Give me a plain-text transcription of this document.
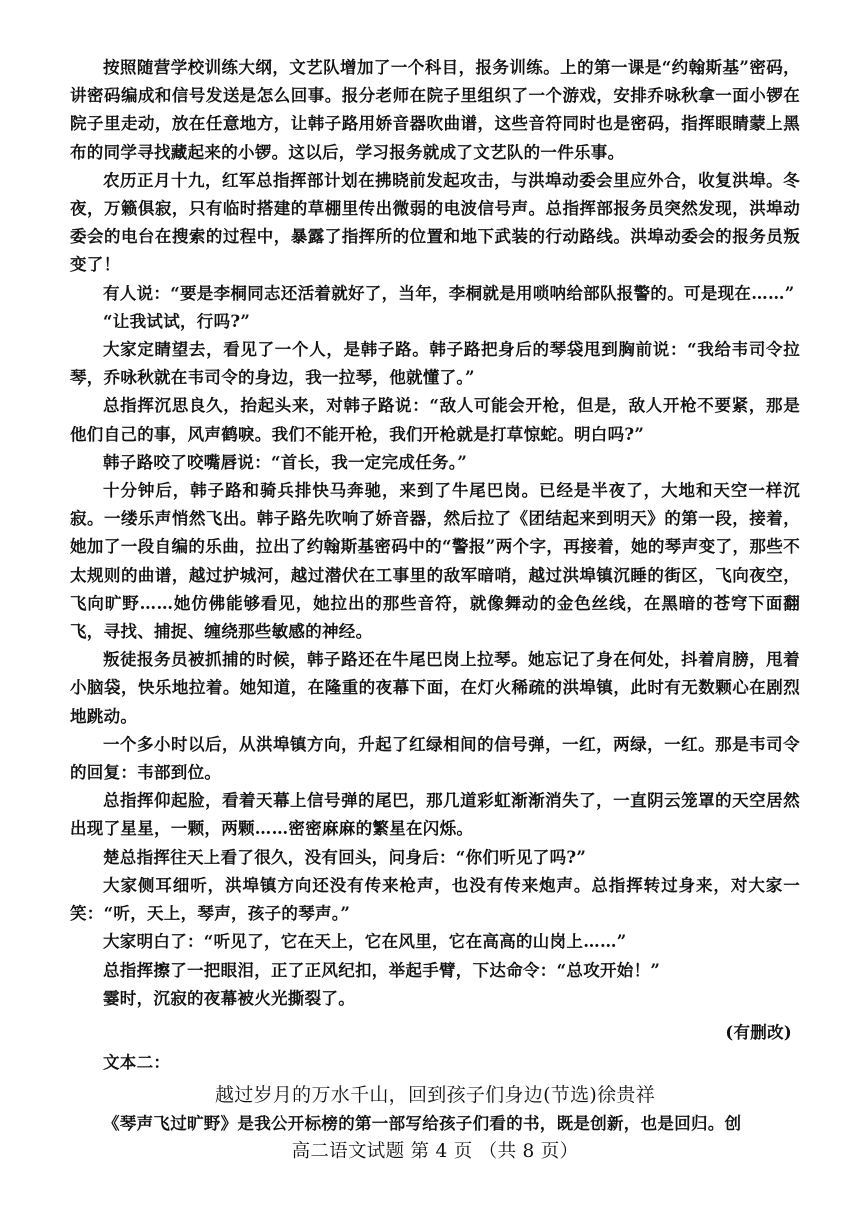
按照随营学校训练大纲，文艺队增加了一个科目，报务训练。上的第一课是“约翰斯基”密码，讲密码编成和信号发送是怎么回事。报分老师在院子里组织了一个游戏，安排乔咏秋拿一面小锣在院子里走动，放在任意地方，让韩子路用娇音器吹曲谱，这些音符同时也是密码，指挥眼睛蒙上黑布的同学寻找藏起来的小锣。这以后，学习报务就成了文艺队的一件乐事。

农历正月十九，红军总指挥部计划在拂晓前发起攻击，与洪埠动委会里应外合，收复洪埠。冬夜，万籁俱寂，只有临时搭建的草棚里传出微弱的电波信号声。总指挥部报务员突然发现，洪埠动委会的电台在搜索的过程中，暴露了指挥所的位置和地下武装的行动路线。洪埠动委会的报务员叛变了！

有人说：“要是李桐同志还活着就好了，当年，李桐就是用唢呐给部队报警的。可是现在……”

“让我试试，行吗?”

大家定睛望去，看见了一个人，是韩子路。韩子路把身后的琴袋甩到胸前说：“我给韦司令拉琴，乔咏秋就在韦司令的身边，我一拉琴，他就懂了。”

总指挥沉思良久，抬起头来，对韩子路说：“敌人可能会开枪，但是，敌人开枪不要紧，那是他们自己的事，风声鹤唳。我们不能开枪，我们开枪就是打草惊蛇。明白吗?”

韩子路咬了咬嘴唇说：“首长，我一定完成任务。”

十分钟后，韩子路和骑兵排快马奔驰，来到了牛尾巴岗。已经是半夜了，大地和天空一样沉寂。一缕乐声悄然飞出。韩子路先吹响了娇音器，然后拉了《团结起来到明天》的第一段，接着，她加了一段自编的乐曲，拉出了约翰斯基密码中的“警报”两个字，再接着，她的琴声变了，那些不太规则的曲谱，越过护城河，越过潜伏在工事里的敌军暗哨，越过洪埠镇沉睡的街区，飞向夜空，飞向旷野……她仿佛能够看见，她拉出的那些音符，就像舞动的金色丝线，在黑暗的苍穹下面翻飞，寻找、捕捉、缠绕那些敏感的神经。

叛徒报务员被抓捕的时候，韩子路还在牛尾巴岗上拉琴。她忘记了身在何处，抖着肩膀，甩着小脑袋，快乐地拉着。她知道，在隆重的夜幕下面，在灯火稀疏的洪埠镇，此时有无数颗心在剧烈地跳动。

一个多小时以后，从洪埠镇方向，升起了红绿相间的信号弹，一红，两绿，一红。那是韦司令的回复：韦部到位。

总指挥仰起脸，看着天幕上信号弹的尾巴，那几道彩虹渐渐消失了，一直阴云笼罩的天空居然出现了星星，一颗，两颗……密密麻麻的繁星在闪烁。

楚总指挥往天上看了很久，没有回头，问身后：“你们听见了吗?”

大家侧耳细听，洪埠镇方向还没有传来枪声，也没有传来炮声。总指挥转过身来，对大家一笑：“听，天上，琴声，孩子的琴声。”

大家明白了：“听见了，它在天上，它在风里，它在高高的山岗上……”

总指挥擦了一把眼泪，正了正风纪扣，举起手臂，下达命令：“总攻开始！”

霎时，沉寂的夜幕被火光撕裂了。

(有删改)

文本二：

越过岁月的万水千山，回到孩子们身边(节选)徐贵祥

《琴声飞过旷野》是我公开标榜的第一部写给孩子们看的书，既是创新，也是回归。创

高二语文试题 第 4 页 （共 8 页）
